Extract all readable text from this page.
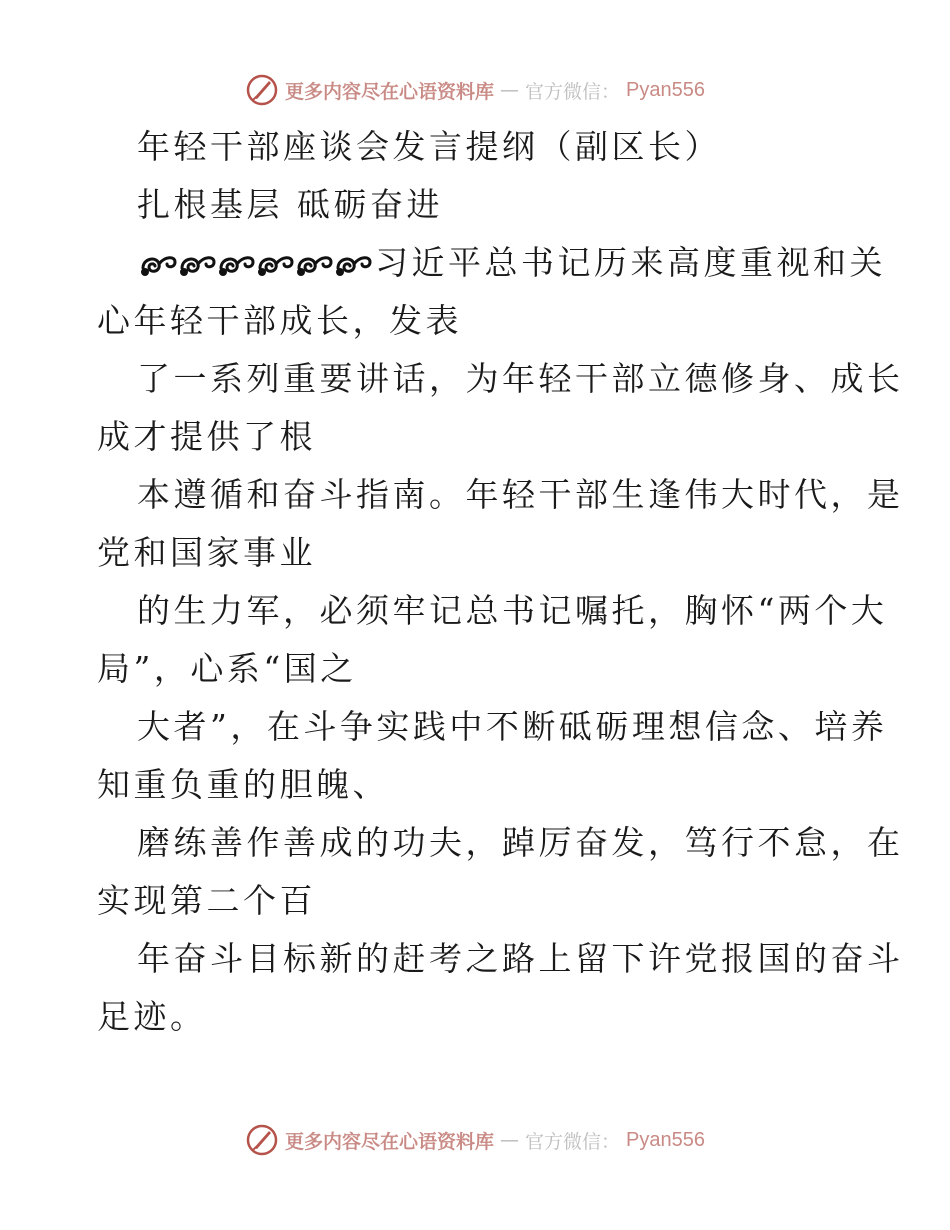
更多内容尽在心语资料库 — 官方微信： Pyan556
年轻干部座谈会发言提纲（副区长）
扎根基层 砥砺奋进
习近平总书记历来高度重视和关
心年轻干部成长，发表
了一系列重要讲话，为年轻干部立德修身、成长
成才提供了根
本遵循和奋斗指南。年轻干部生逢伟大时代，是
党和国家事业
的生力军，必须牢记总书记嘱托，胸怀“两个大
局”，心系“国之
大者”，在斗争实践中不断砥砺理想信念、培养
知重负重的胆魄、
磨练善作善成的功夫，踔厉奋发，笃行不怠，在
实现第二个百
年奋斗目标新的赶考之路上留下许党报国的奋斗
足迹。
更多内容尽在心语资料库 — 官方微信： Pyan556
